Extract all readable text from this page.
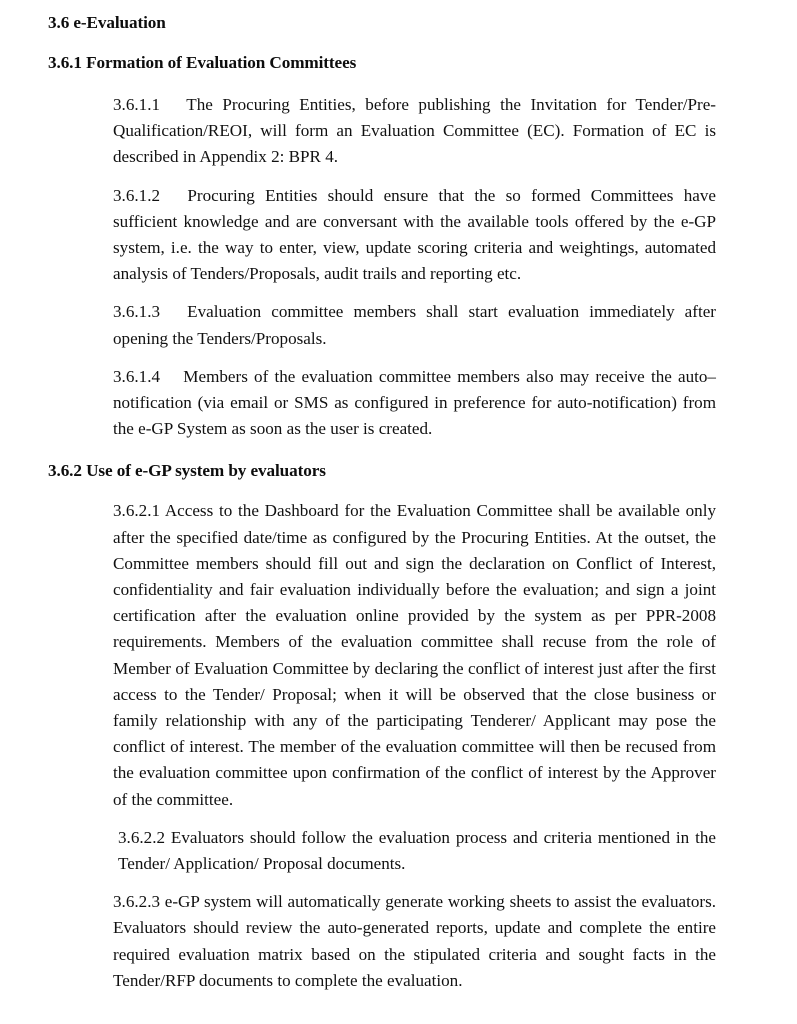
3.6 e-Evaluation
3.6.1 Formation of Evaluation Committees

3.6.1.1  The Procuring Entities, before publishing the Invitation for Tender/Pre-Qualification/REOI, will form an Evaluation Committee (EC). Formation of EC is described in Appendix 2: BPR 4.

3.6.1.2  Procuring Entities should ensure that the so formed Committees have sufficient knowledge and are conversant with the available tools offered by the e-GP system, i.e. the way to enter, view, update scoring criteria and weightings, automated analysis of Tenders/Proposals, audit trails and reporting etc.

3.6.1.3  Evaluation committee members shall start evaluation immediately after opening the Tenders/Proposals.

3.6.1.4  Members of the evaluation committee members also may receive the auto–notification (via email or SMS as configured in preference for auto-notification) from the e-GP System as soon as the user is created.

3.6.2 Use of e-GP system by evaluators

3.6.2.1 Access to the Dashboard for the Evaluation Committee shall be available only after the specified date/time as configured by the Procuring Entities. At the outset, the Committee members should fill out and sign the declaration on Conflict of Interest, confidentiality and fair evaluation individually before the evaluation; and sign a joint certification after the evaluation online provided by the system as per PPR-2008 requirements. Members of the evaluation committee shall recuse from the role of Member of Evaluation Committee by declaring the conflict of interest just after the first access to the Tender/ Proposal; when it will be observed that the close business or family relationship with any of the participating Tenderer/ Applicant may pose the conflict of interest. The member of the evaluation committee will then be recused from the evaluation committee upon confirmation of the conflict of interest by the Approver of the committee.

3.6.2.2 Evaluators should follow the evaluation process and criteria mentioned in the Tender/ Application/ Proposal documents.

3.6.2.3 e-GP system will automatically generate working sheets to assist the evaluators. Evaluators should review the auto-generated reports, update and complete the entire required evaluation matrix based on the stipulated criteria and sought facts in the Tender/RFP documents to complete the evaluation.
